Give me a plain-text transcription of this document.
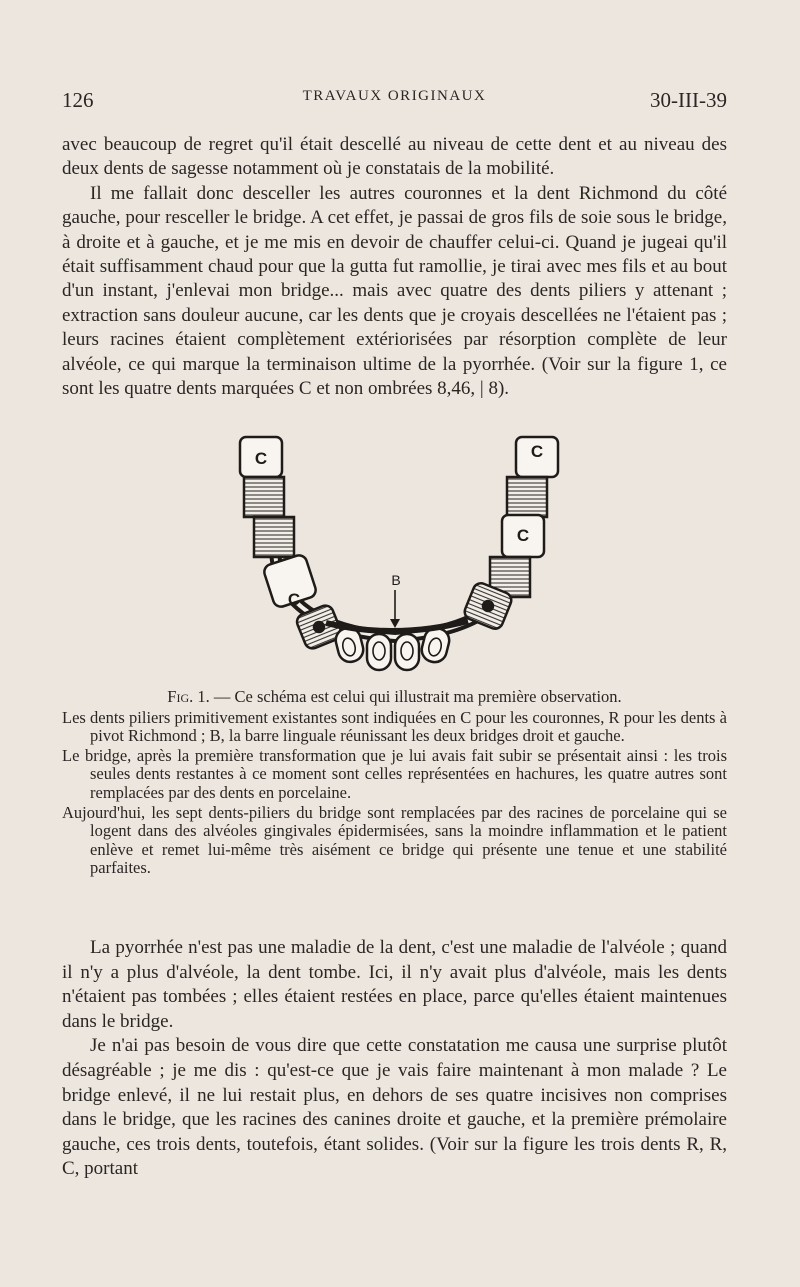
126	TRAVAUX ORIGINAUX	30-III-39

avec beaucoup de regret qu'il était descellé au niveau de cette dent et au niveau des deux dents de sagesse notamment où je constatais de la mobilité.

Il me fallait donc desceller les autres couronnes et la dent Richmond du côté gauche, pour resceller le bridge. A cet effet, je passai de gros fils de soie sous le bridge, à droite et à gauche, et je me mis en devoir de chauffer celui-ci. Quand je jugeai qu'il était suffisamment chaud pour que la gutta fut ramollie, je tirai avec mes fils et au bout d'un instant, j'enlevai mon bridge... mais avec quatre des dents piliers y attenant ; extraction sans douleur aucune, car les dents que je croyais descellées ne l'étaient pas ; leurs racines étaient complètement extériorisées par résorption complète de leur alvéole, ce qui marque la terminaison ultime de la pyorrhée. (Voir sur la figure 1, ce sont les quatre dents marquées C et non ombrées 8,46, | 8).

C	C
C
C
B

Fig. 1. — Ce schéma est celui qui illustrait ma première observation.

Les dents piliers primitivement existantes sont indiquées en C pour les couronnes, R pour les dents à pivot Richmond ; B, la barre linguale réunissant les deux bridges droit et gauche.

Le bridge, après la première transformation que je lui avais fait subir se présentait ainsi : les trois seules dents restantes à ce moment sont celles représentées en hachures, les quatre autres sont remplacées par des dents en porcelaine.

Aujourd'hui, les sept dents-piliers du bridge sont remplacées par des racines de porcelaine qui se logent dans des alvéoles gingivales épidermisées, sans la moindre inflammation et le patient enlève et remet lui-même très aisément ce bridge qui présente une tenue et une stabilité parfaites.

La pyorrhée n'est pas une maladie de la dent, c'est une maladie de l'alvéole ; quand il n'y a plus d'alvéole, la dent tombe. Ici, il n'y avait plus d'alvéole, mais les dents n'étaient pas tombées ; elles étaient restées en place, parce qu'elles étaient maintenues dans le bridge.

Je n'ai pas besoin de vous dire que cette constatation me causa une surprise plutôt désagréable ; je me dis : qu'est-ce que je vais faire maintenant à mon malade ? Le bridge enlevé, il ne lui restait plus, en dehors de ses quatre incisives non comprises dans le bridge, que les racines des canines droite et gauche, et la première prémolaire gauche, ces trois dents, toutefois, étant solides. (Voir sur la figure les trois dents R, R, C, portant
